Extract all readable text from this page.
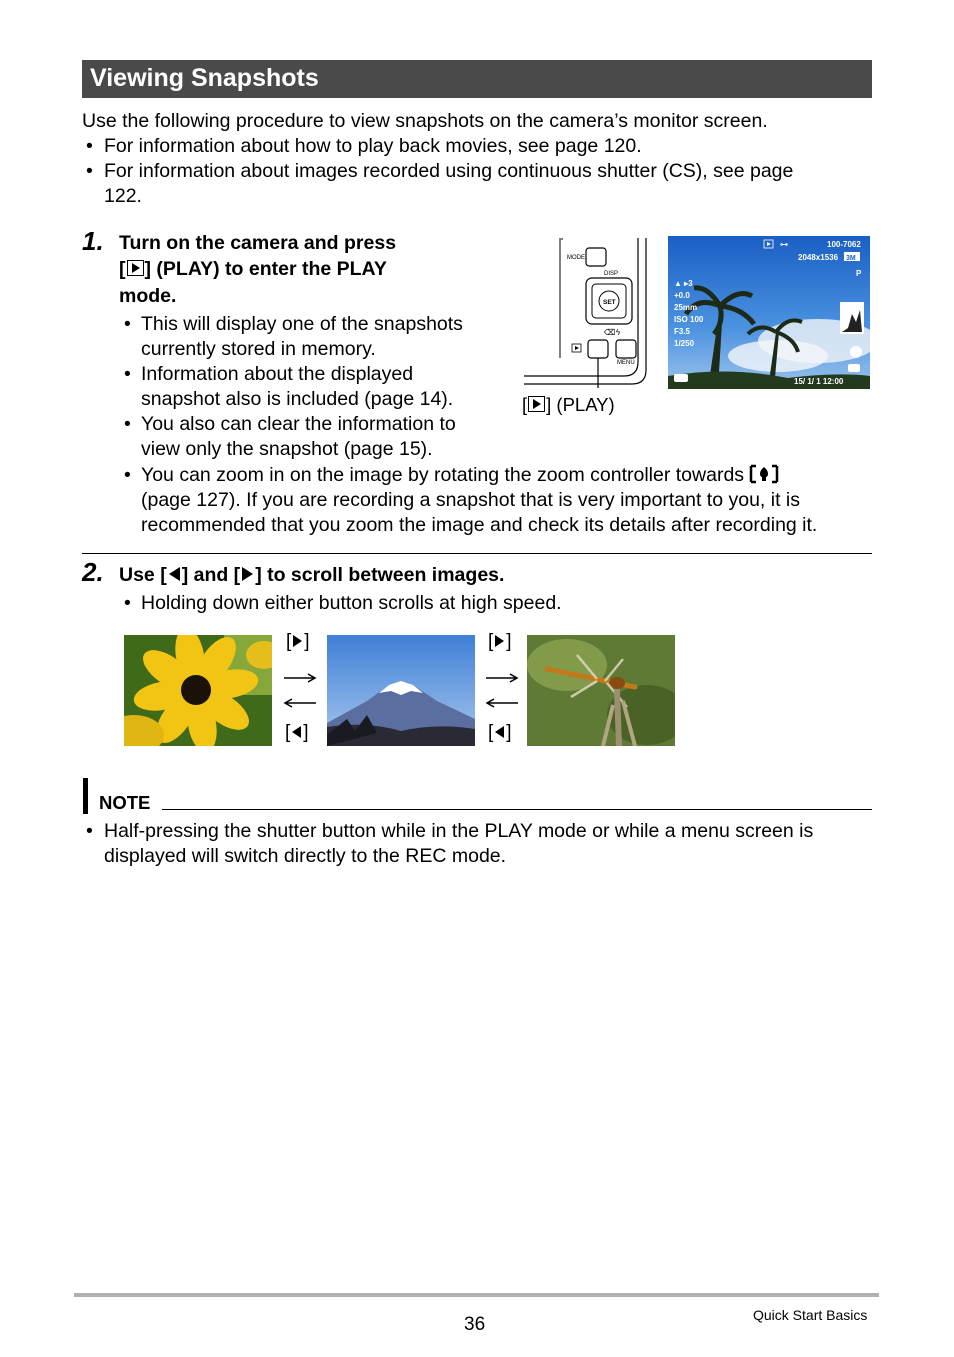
Viewing Snapshots
Use the following procedure to view snapshots on the camera’s monitor screen.
• For information about how to play back movies, see page 120.
• For information about images recorded using continuous shutter (CS), see page
122.
1. Turn on the camera and press
[ ] (PLAY) to enter the PLAY
mode.
• This will display one of the snapshots
currently stored in memory.
• Information about the displayed
snapshot also is included (page 14).
• You also can clear the information to
view only the snapshot (page 15).
• You can zoom in on the image by rotating the zoom controller towards
(page 127). If you are recording a snapshot that is very important to you, it is
recommended that you zoom the image and check its details after recording it.
MODE
DISP
SET
⌫ϟ
MENU
[ ] (PLAY)
⊶	100-7062
2048x1536 3M
P
▲ ▸3
+0.0
25mm
ISO 100
F3.5
1/250
15/ 1/ 1 12:00
2. Use [ ] and [ ] to scroll between images.
• Holding down either button scrolls at high speed.
[ ]
[ ]
[ ]
[ ]
NOTE
• Half-pressing the shutter button while in the PLAY mode or while a menu screen is
displayed will switch directly to the REC mode.
36	Quick Start Basics
